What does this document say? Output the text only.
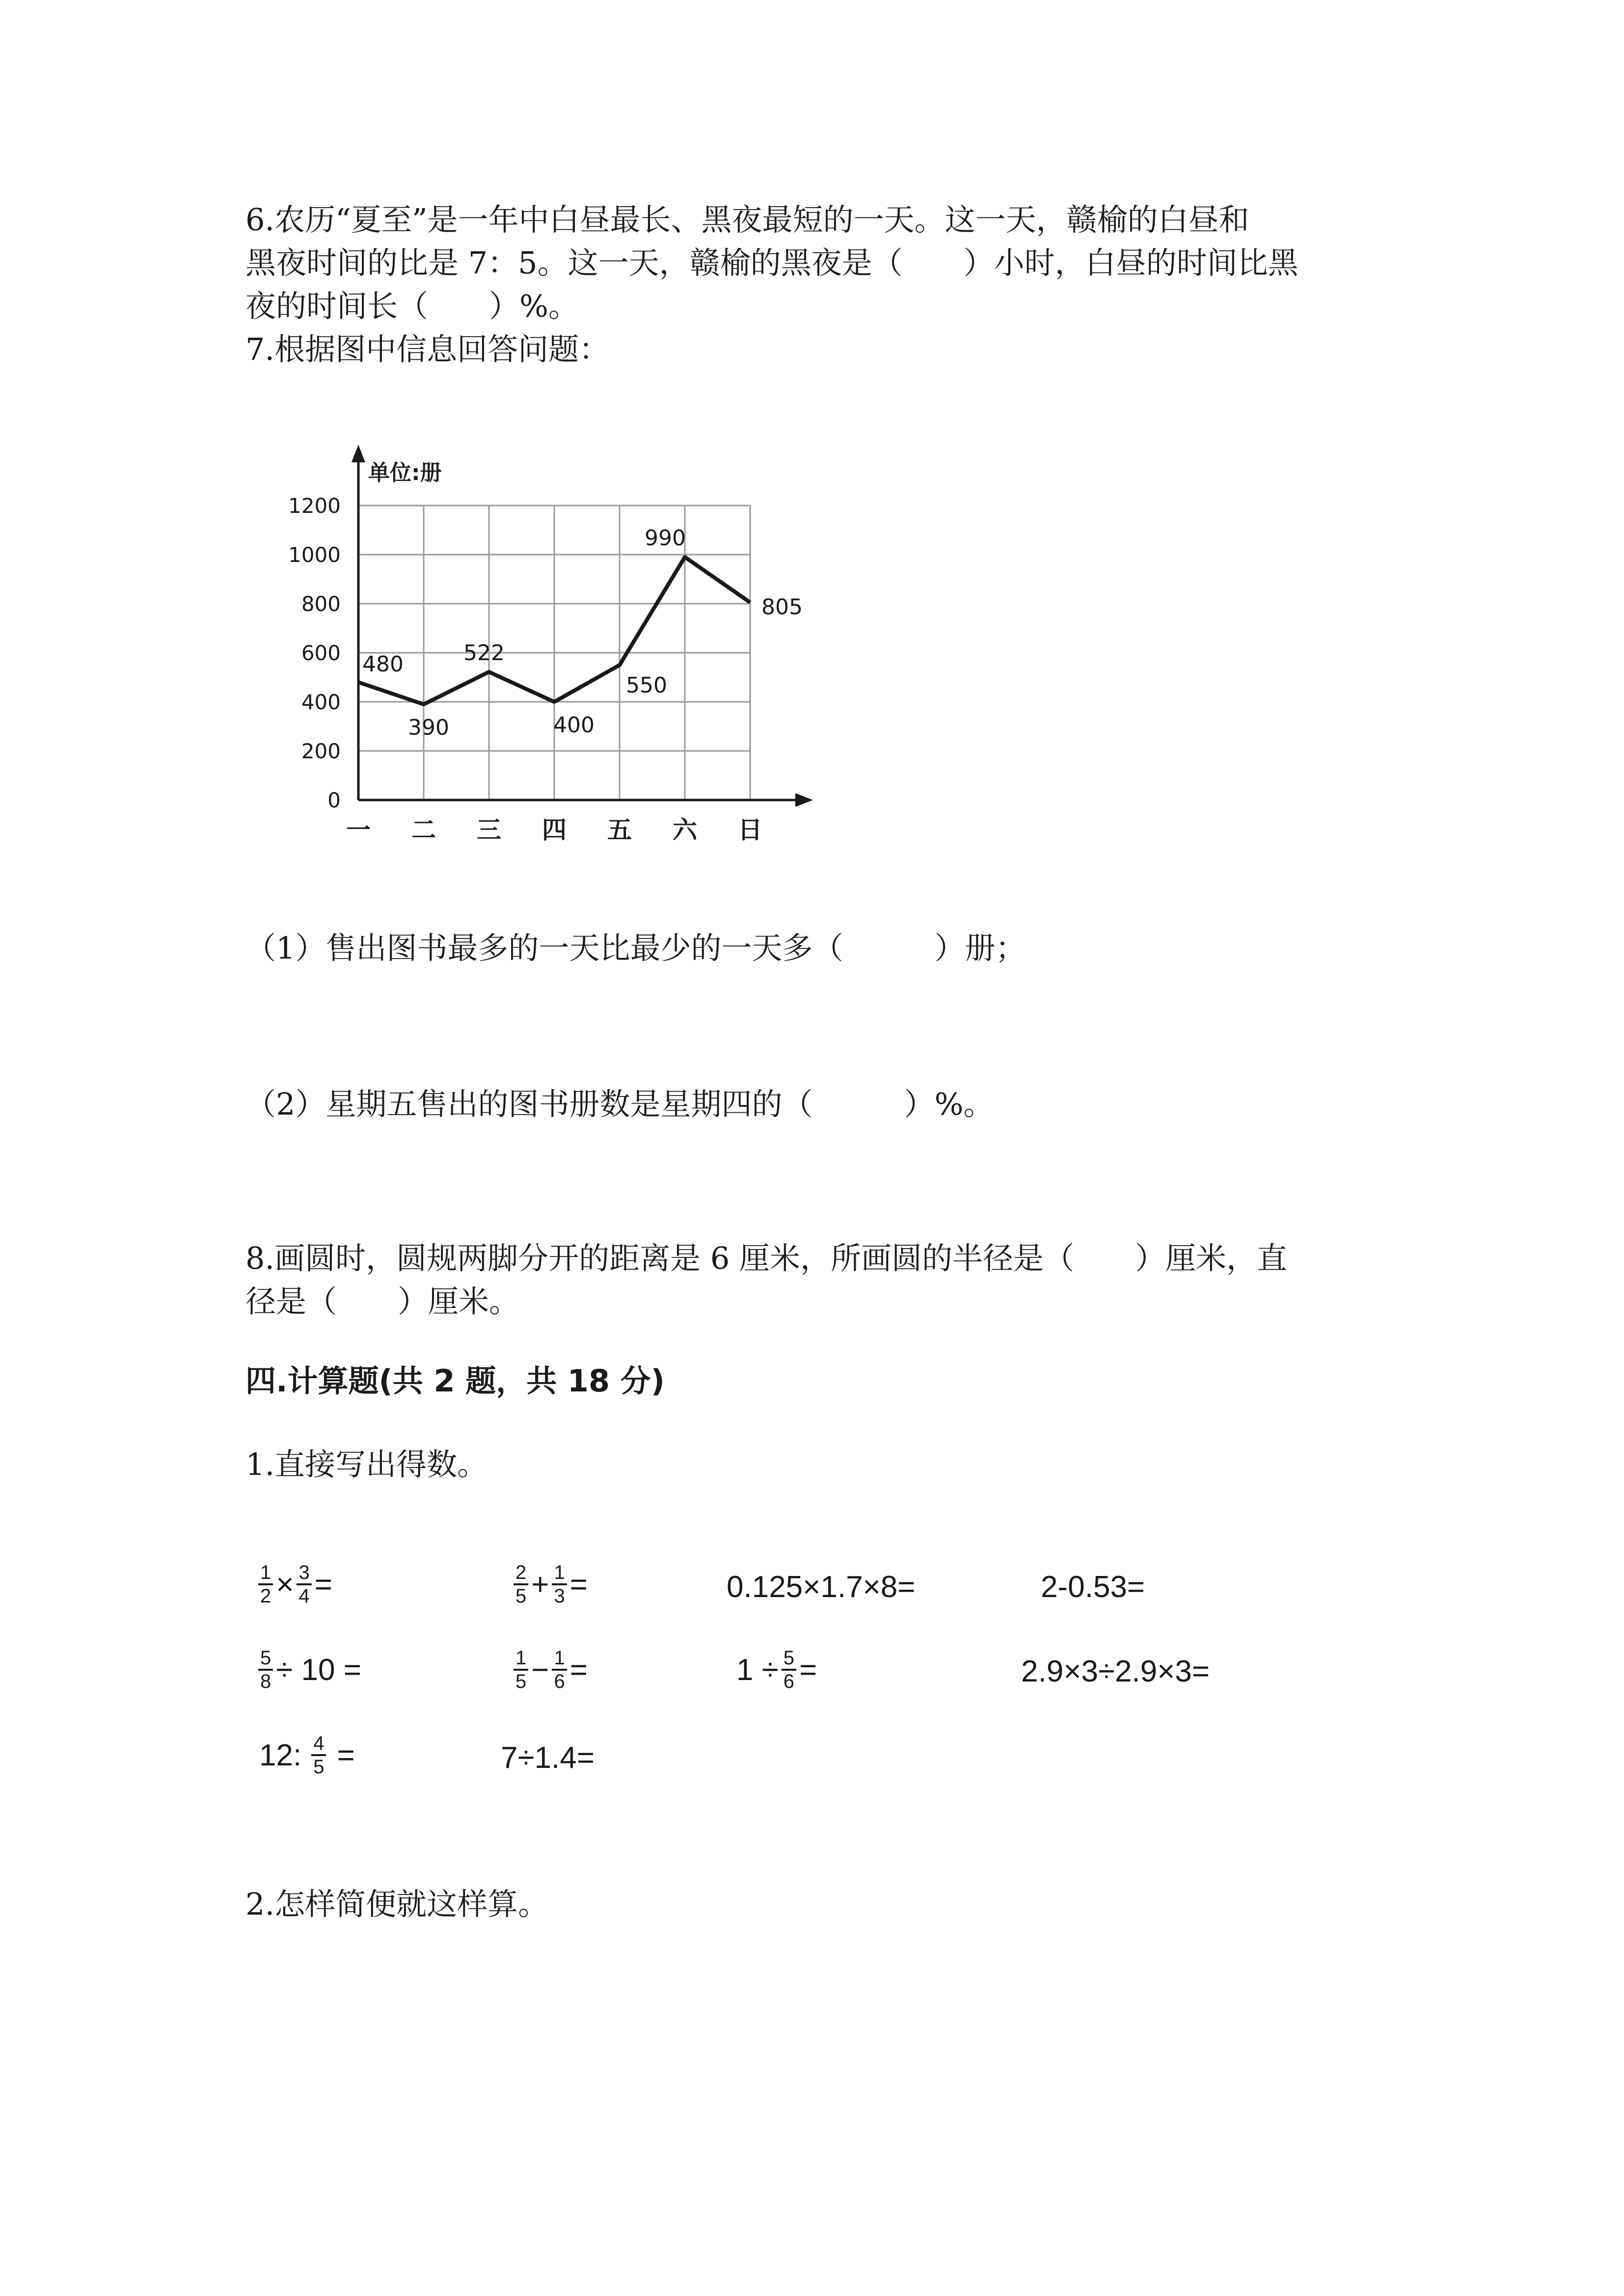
6.农历“夏至”是一年中白昼最长、黑夜最短的一天。这一天，赣榆的白昼和
黑夜时间的比是 7：5。这一天，赣榆的黑夜是（　　）小时，白昼的时间比黑
夜的时间长（　　）%。
7.根据图中信息回答问题：
0
200
400
600
800
1000
1200
一 二 三 四 五 六 日
480
390
522
400
550
990
805
单位:册
（1）售出图书最多的一天比最少的一天多（　　　）册；
（2）星期五售出的图书册数是星期四的（　　　）%。
8.画圆时，圆规两脚分开的距离是 6 厘米，所画圆的半径是（　　）厘米，直
径是（　　）厘米。
四.计算题(共 2 题，共 18 分)
1.直接写出得数。
$\frac{1}{2} \times \frac{3}{4}$ =	$\frac{2}{5} + \frac{1}{3}$ =	0.125×1.7×8=	2-0.53=
$\frac{5}{8} \div 10$ =	$\frac{1}{5} - \frac{1}{6}$ =	$1 \div \frac{5}{6}$ =	2.9×3÷2.9×3=
12: $\frac{4}{5}$ =	7÷1.4=
2.怎样简便就这样算。
